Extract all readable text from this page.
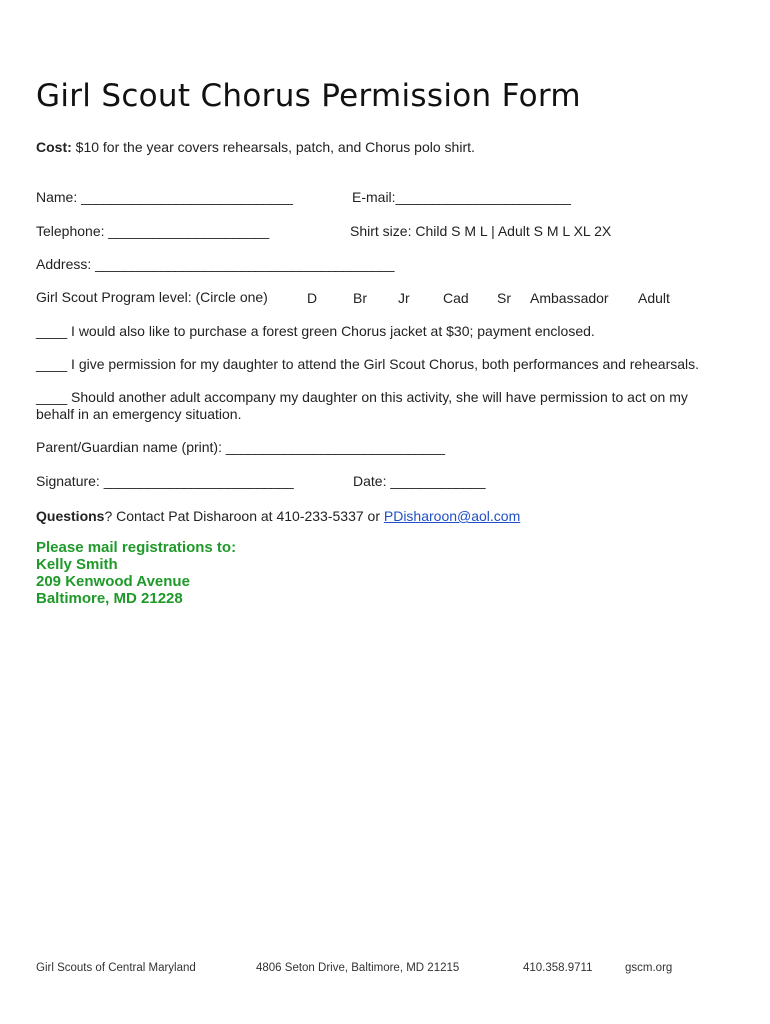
Girl Scout Chorus Permission Form
Cost: $10 for the year covers rehearsals, patch, and Chorus polo shirt.
Name: _____________________________	E-mail:________________________
Telephone: ______________________	Shirt size: Child S M L | Adult S M L XL 2X
Address: _________________________________________
Girl Scout Program level: (Circle one)	D	Br Jr Cad Sr Ambassador Adult
____ I would also like to purchase a forest green Chorus jacket at $30; payment enclosed.
____ I give permission for my daughter to attend the Girl Scout Chorus, both performances and rehearsals.
____ Should another adult accompany my daughter on this activity, she will have permission to act on my behalf in an emergency situation.
Parent/Guardian name (print): ______________________________
Signature: __________________________	Date: _____________
Questions? Contact Pat Disharoon at 410-233-5337 or PDisharoon@aol.com
Please mail registrations to:
Kelly Smith
209 Kenwood Avenue
Baltimore, MD 21228
Girl Scouts of Central Maryland	4806 Seton Drive, Baltimore, MD 21215	410.358.9711	gscm.org
